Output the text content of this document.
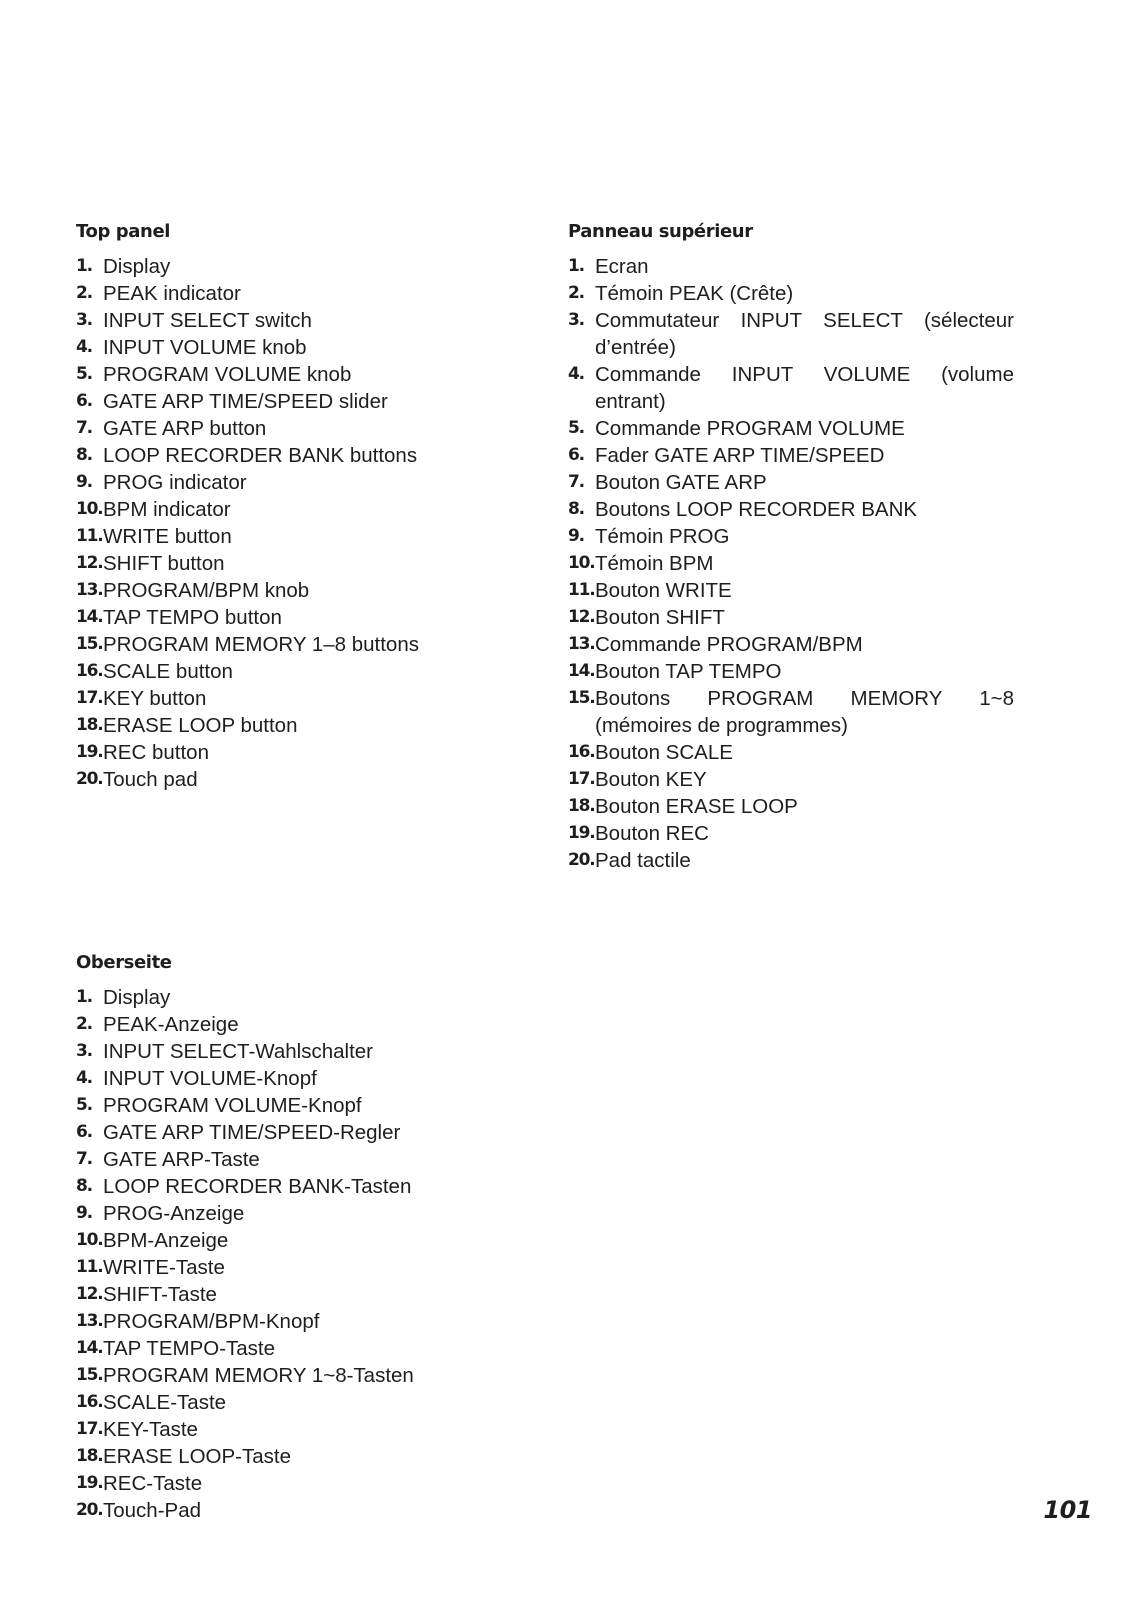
Top panel
1. Display
2. PEAK indicator
3. INPUT SELECT switch
4. INPUT VOLUME knob
5. PROGRAM VOLUME knob
6. GATE ARP TIME/SPEED slider
7. GATE ARP button
8. LOOP RECORDER BANK buttons
9. PROG indicator
10. BPM indicator
11. WRITE button
12. SHIFT button
13. PROGRAM/BPM knob
14. TAP TEMPO button
15. PROGRAM MEMORY 1–8 buttons
16. SCALE button
17. KEY button
18. ERASE LOOP button
19. REC button
20. Touch pad
Panneau supérieur
1. Ecran
2. Témoin PEAK (Crête)
3. Commutateur INPUT SELECT (sélecteur d’entrée)
4. Commande INPUT VOLUME (volume entrant)
5. Commande PROGRAM VOLUME
6. Fader GATE ARP TIME/SPEED
7. Bouton GATE ARP
8. Boutons LOOP RECORDER BANK
9. Témoin PROG
10. Témoin BPM
11. Bouton WRITE
12. Bouton SHIFT
13. Commande PROGRAM/BPM
14. Bouton TAP TEMPO
15. Boutons PROGRAM MEMORY 1~8 (mémoires de programmes)
16. Bouton SCALE
17. Bouton KEY
18. Bouton ERASE LOOP
19. Bouton REC
20. Pad tactile
Oberseite
1. Display
2. PEAK-Anzeige
3. INPUT SELECT-Wahlschalter
4. INPUT VOLUME-Knopf
5. PROGRAM VOLUME-Knopf
6. GATE ARP TIME/SPEED-Regler
7. GATE ARP-Taste
8. LOOP RECORDER BANK-Tasten
9. PROG-Anzeige
10. BPM-Anzeige
11. WRITE-Taste
12. SHIFT-Taste
13. PROGRAM/BPM-Knopf
14. TAP TEMPO-Taste
15. PROGRAM MEMORY 1~8-Tasten
16. SCALE-Taste
17. KEY-Taste
18. ERASE LOOP-Taste
19. REC-Taste
20. Touch-Pad	101
